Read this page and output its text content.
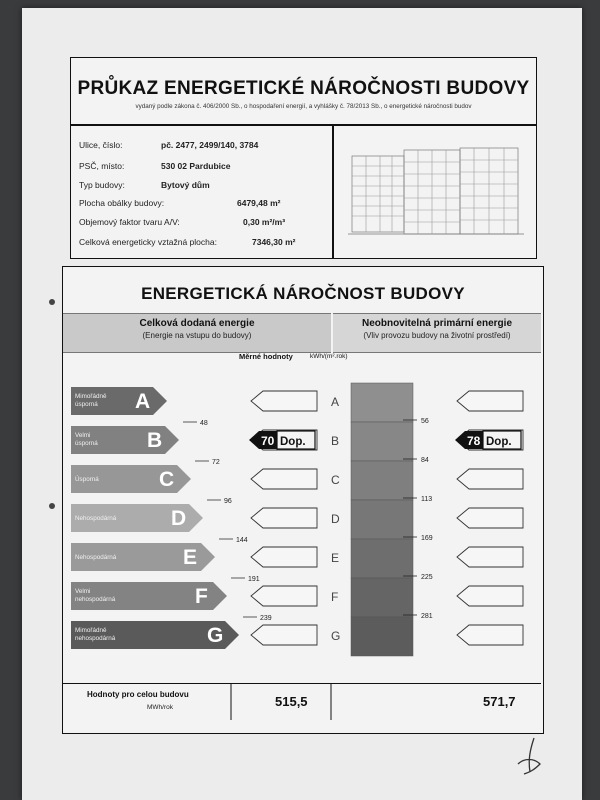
PRŮKAZ ENERGETICKÉ NÁROČNOSTI BUDOVY
vydaný podle zákona č. 406/2000 Sb., o hospodaření energií, a vyhlášky č. 78/2013 Sb., o energetické náročnosti budov
Ulice, číslo:	pč. 2477, 2499/140, 3784
PSČ, místo:	530 02 Pardubice
Typ budovy:	Bytový dům
Plocha obálky budovy:	6479,48 m²
Objemový faktor tvaru A/V:	0,30 m²/m³
Celková energeticky vztažná plocha:	7346,30 m²
ENERGETICKÁ NÁROČNOST BUDOVY
Celková dodaná energie
(Energie na vstupu do budovy)
Neobnovitelná primární energie
(Vliv provozu budovy na životní prostředí)
Měrné hodnoty	kWh/(m².rok)
A
Mimořádně
úsporná	A
B
Velmi
úsporná	B
C
Úsporná	C
D
Nehospodárná	D
E
Nehospodárná	E
F
Velmi
nehospodárná	F
G
Mimořádně
nehospodárná	G
48
72
96
144
191
239
56
84
113
169
225
281
70 Dop.	78 Dop.
Hodnoty pro celou budovu
MWh/rok	515,5	571,7
